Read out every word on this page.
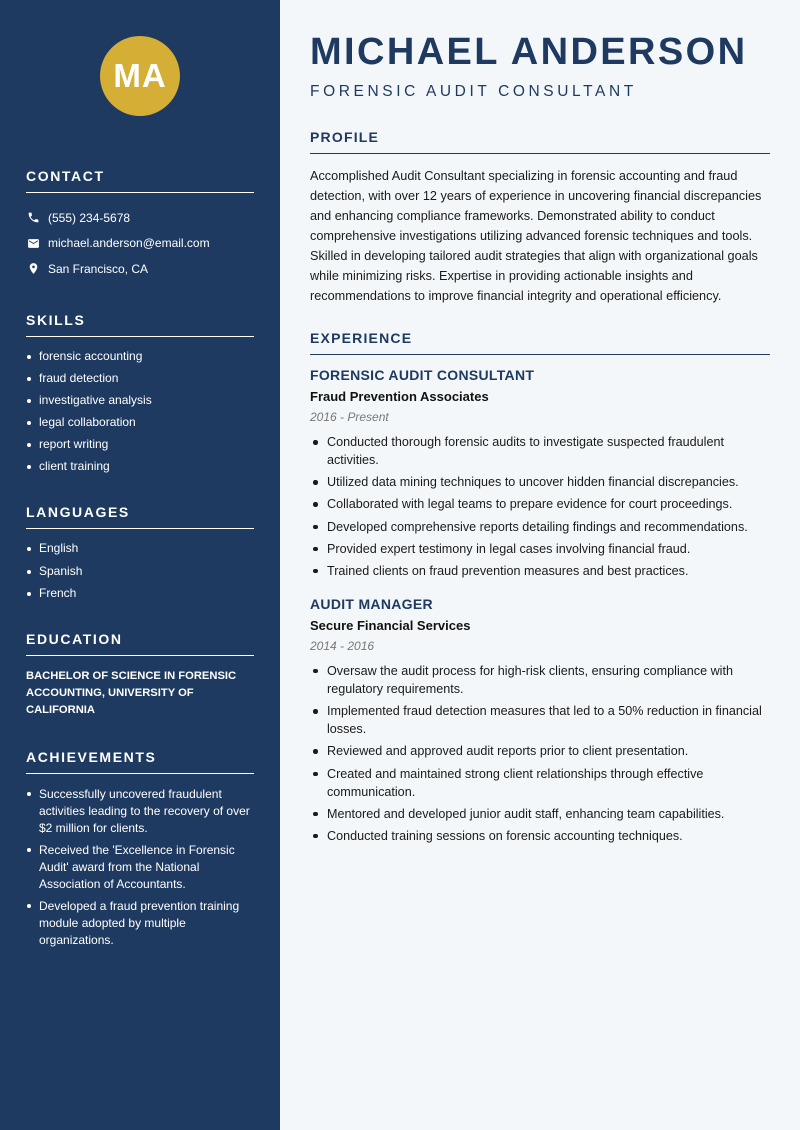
MA
CONTACT
(555) 234-5678
michael.anderson@email.com
San Francisco, CA
SKILLS
forensic accounting
fraud detection
investigative analysis
legal collaboration
report writing
client training
LANGUAGES
English
Spanish
French
EDUCATION
BACHELOR OF SCIENCE IN FORENSIC ACCOUNTING, UNIVERSITY OF CALIFORNIA
ACHIEVEMENTS
Successfully uncovered fraudulent activities leading to the recovery of over $2 million for clients.
Received the 'Excellence in Forensic Audit' award from the National Association of Accountants.
Developed a fraud prevention training module adopted by multiple organizations.
MICHAEL ANDERSON
FORENSIC AUDIT CONSULTANT
PROFILE

Accomplished Audit Consultant specializing in forensic accounting and fraud detection, with over 12 years of experience in uncovering financial discrepancies and enhancing compliance frameworks. Demonstrated ability to conduct comprehensive investigations utilizing advanced forensic techniques and tools. Skilled in developing tailored audit strategies that align with organizational goals while minimizing risks. Expertise in providing actionable insights and recommendations to improve financial integrity and operational efficiency.

EXPERIENCE
FORENSIC AUDIT CONSULTANT
Fraud Prevention Associates
2016 - Present
Conducted thorough forensic audits to investigate suspected fraudulent activities.
Utilized data mining techniques to uncover hidden financial discrepancies.
Collaborated with legal teams to prepare evidence for court proceedings.
Developed comprehensive reports detailing findings and recommendations.
Provided expert testimony in legal cases involving financial fraud.
Trained clients on fraud prevention measures and best practices.
AUDIT MANAGER
Secure Financial Services
2014 - 2016
Oversaw the audit process for high-risk clients, ensuring compliance with regulatory requirements.
Implemented fraud detection measures that led to a 50% reduction in financial losses.
Reviewed and approved audit reports prior to client presentation.
Created and maintained strong client relationships through effective communication.
Mentored and developed junior audit staff, enhancing team capabilities.
Conducted training sessions on forensic accounting techniques.
